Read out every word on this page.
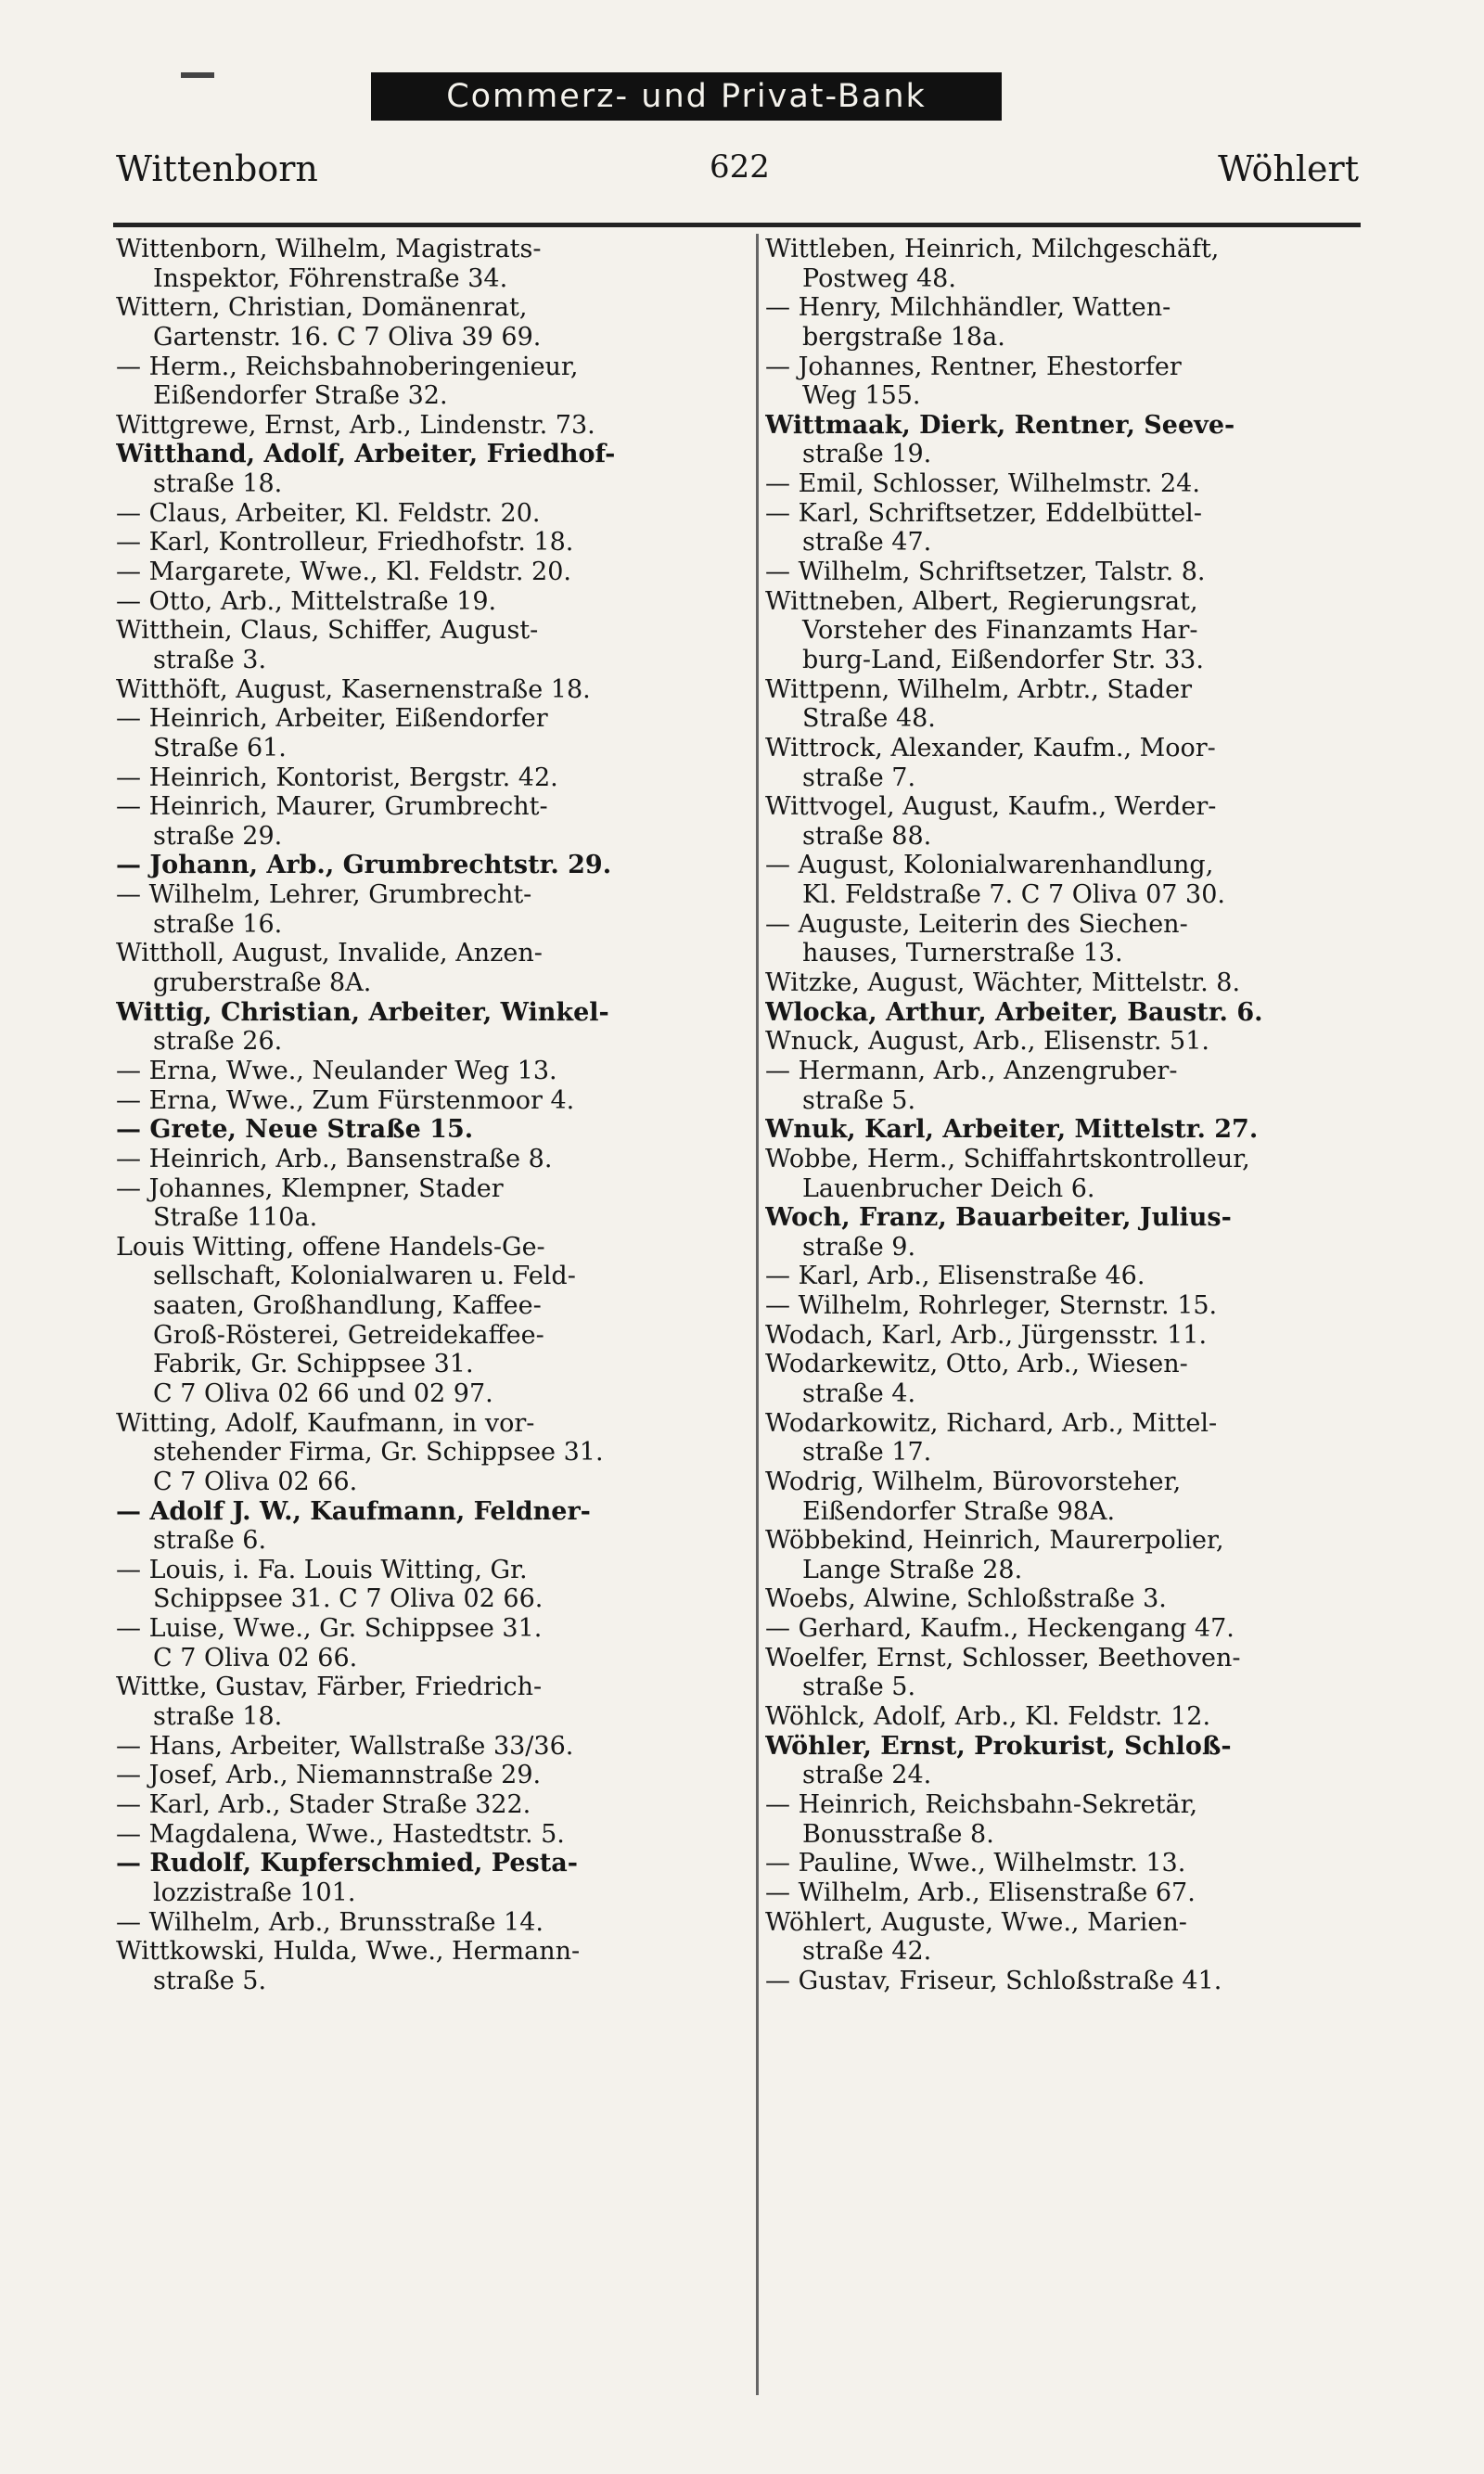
Commerz- und Privat-Bank
Wittenborn	622	Wöhlert
Wittenborn, Wilhelm, Magistrats-
Inspektor, Föhrenstraße 34.
Wittern, Christian, Domänenrat,
Gartenstr. 16. C 7 Oliva 39 69.
— Herm., Reichsbahnoberingenieur,
Eißendorfer Straße 32.
Wittgrewe, Ernst, Arb., Lindenstr. 73.
Witthand, Adolf, Arbeiter, Friedhof-
straße 18.
— Claus, Arbeiter, Kl. Feldstr. 20.
— Karl, Kontrolleur, Friedhofstr. 18.
— Margarete, Wwe., Kl. Feldstr. 20.
— Otto, Arb., Mittelstraße 19.
Witthein, Claus, Schiffer, August-
straße 3.
Witthöft, August, Kasernenstraße 18.
— Heinrich, Arbeiter, Eißendorfer
Straße 61.
— Heinrich, Kontorist, Bergstr. 42.
— Heinrich, Maurer, Grumbrecht-
straße 29.
— Johann, Arb., Grumbrechtstr. 29.
— Wilhelm, Lehrer, Grumbrecht-
straße 16.
Wittholl, August, Invalide, Anzen-
gruberstraße 8A.
Wittig, Christian, Arbeiter, Winkel-
straße 26.
— Erna, Wwe., Neulander Weg 13.
— Erna, Wwe., Zum Fürstenmoor 4.
— Grete, Neue Straße 15.
— Heinrich, Arb., Bansenstraße 8.
— Johannes, Klempner, Stader
Straße 110a.
Louis Witting, offene Handels-Ge-
sellschaft, Kolonialwaren u. Feld-
saaten, Großhandlung, Kaffee-
Groß-Rösterei, Getreidekaffee-
Fabrik, Gr. Schippsee 31.
C 7 Oliva 02 66 und 02 97.
Witting, Adolf, Kaufmann, in vor-
stehender Firma, Gr. Schippsee 31.
C 7 Oliva 02 66.
— Adolf J. W., Kaufmann, Feldner-
straße 6.
— Louis, i. Fa. Louis Witting, Gr.
Schippsee 31. C 7 Oliva 02 66.
— Luise, Wwe., Gr. Schippsee 31.
C 7 Oliva 02 66.
Wittke, Gustav, Färber, Friedrich-
straße 18.
— Hans, Arbeiter, Wallstraße 33/36.
— Josef, Arb., Niemannstraße 29.
— Karl, Arb., Stader Straße 322.
— Magdalena, Wwe., Hastedtstr. 5.
— Rudolf, Kupferschmied, Pesta-
lozzistraße 101.
— Wilhelm, Arb., Brunsstraße 14.
Wittkowski, Hulda, Wwe., Hermann-
straße 5.
Wittleben, Heinrich, Milchgeschäft,
Postweg 48.
— Henry, Milchhändler, Watten-
bergstraße 18a.
— Johannes, Rentner, Ehestorfer
Weg 155.
Wittmaak, Dierk, Rentner, Seeve-
straße 19.
— Emil, Schlosser, Wilhelmstr. 24.
— Karl, Schriftsetzer, Eddelbüttel-
straße 47.
— Wilhelm, Schriftsetzer, Talstr. 8.
Wittneben, Albert, Regierungsrat,
Vorsteher des Finanzamts Har-
burg-Land, Eißendorfer Str. 33.
Wittpenn, Wilhelm, Arbtr., Stader
Straße 48.
Wittrock, Alexander, Kaufm., Moor-
straße 7.
Wittvogel, August, Kaufm., Werder-
straße 88.
— August, Kolonialwarenhandlung,
Kl. Feldstraße 7. C 7 Oliva 07 30.
— Auguste, Leiterin des Siechen-
hauses, Turnerstraße 13.
Witzke, August, Wächter, Mittelstr. 8.
Wlocka, Arthur, Arbeiter, Baustr. 6.
Wnuck, August, Arb., Elisenstr. 51.
— Hermann, Arb., Anzengruber-
straße 5.
Wnuk, Karl, Arbeiter, Mittelstr. 27.
Wobbe, Herm., Schiffahrtskontrolleur,
Lauenbrucher Deich 6.
Woch, Franz, Bauarbeiter, Julius-
straße 9.
— Karl, Arb., Elisenstraße 46.
— Wilhelm, Rohrleger, Sternstr. 15.
Wodach, Karl, Arb., Jürgensstr. 11.
Wodarkewitz, Otto, Arb., Wiesen-
straße 4.
Wodarkowitz, Richard, Arb., Mittel-
straße 17.
Wodrig, Wilhelm, Bürovorsteher,
Eißendorfer Straße 98A.
Wöbbekind, Heinrich, Maurerpolier,
Lange Straße 28.
Woebs, Alwine, Schloßstraße 3.
— Gerhard, Kaufm., Heckengang 47.
Woelfer, Ernst, Schlosser, Beethoven-
straße 5.
Wöhlck, Adolf, Arb., Kl. Feldstr. 12.
Wöhler, Ernst, Prokurist, Schloß-
straße 24.
— Heinrich, Reichsbahn-Sekretär,
Bonusstraße 8.
— Pauline, Wwe., Wilhelmstr. 13.
— Wilhelm, Arb., Elisenstraße 67.
Wöhlert, Auguste, Wwe., Marien-
straße 42.
— Gustav, Friseur, Schloßstraße 41.
